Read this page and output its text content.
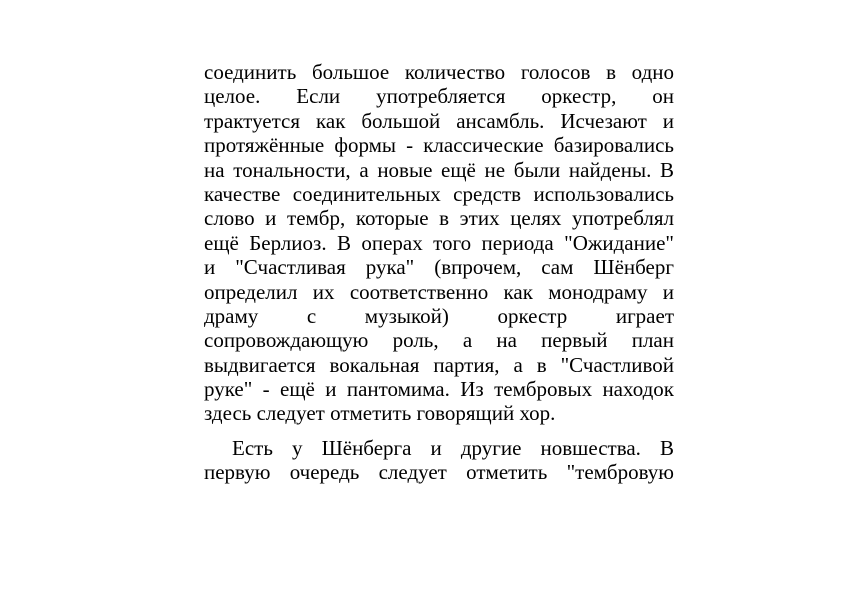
соединить большое количество голосов в одно
целое. Если употребляется оркестр, он
трактуется как большой ансамбль. Исчезают и
протяжённые формы - классические базировались
на тональности, а новые ещё не были найдены. В
качестве соединительных средств использовались
слово и тембр, которые в этих целях употреблял
ещё Берлиоз. В операх того периода "Ожидание"
и "Счастливая рука" (впрочем, сам Шёнберг
определил их соответственно как монодраму и
драму с музыкой) оркестр играет
сопровождающую роль, а на первый план
выдвигается вокальная партия, а в "Счастливой
руке" - ещё и пантомима. Из тембровых находок
здесь следует отметить говорящий хор.
Есть у Шёнберга и другие новшества. В
первую очередь следует отметить "тембровую
